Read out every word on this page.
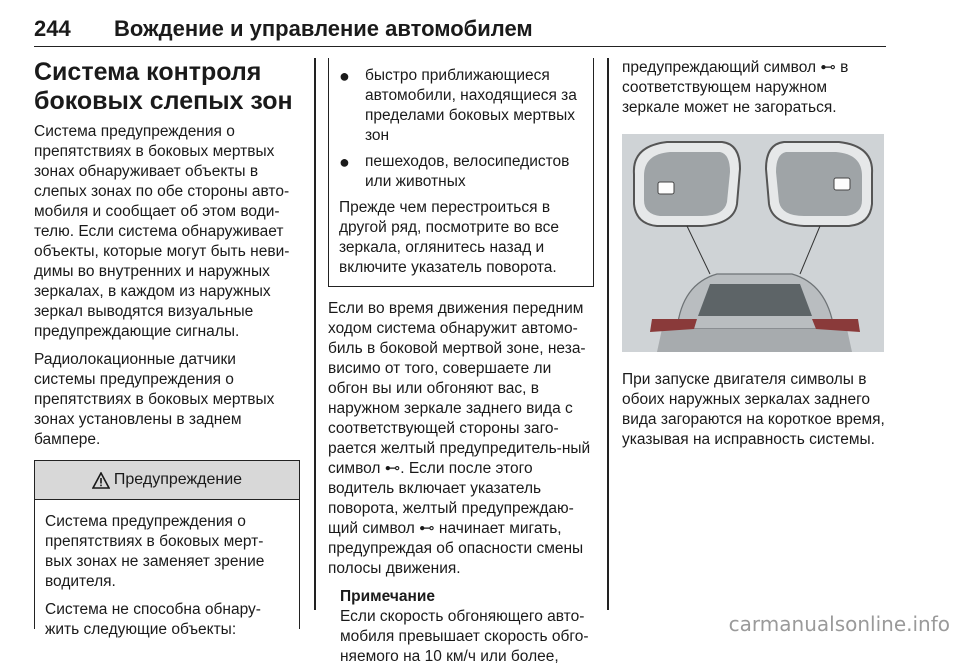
244 Вождение и управление автомобилем
Система контроля боковых слепых зон

Система предупреждения о препятствиях в боковых мертвых зонах обнаруживает объекты в слепых зонах по обе стороны авто-мобиля и сообщает об этом води-телю. Если система обнаруживает объекты, которые могут быть неви-димы во внутренних и наружных зеркалах, в каждом из наружных зеркал выводятся визуальные предупреждающие сигналы.

Радиолокационные датчики системы предупреждения о препятствиях в боковых мертвых зонах установлены в заднем бампере.

Предупреждение

Система предупреждения о препятствиях в боковых мерт-вых зонах не заменяет зрение водителя.

Система не способна обнару-жить следующие объекты:

● быстро приближающиеся автомобили, находящиеся за пределами боковых мертвых зон
● пешеходов, велосипедистов или животных

Прежде чем перестроиться в другой ряд, посмотрите во все зеркала, оглянитесь назад и включите указатель поворота.

Если во время движения передним ходом система обнаружит автомо-биль в боковой мертвой зоне, неза-висимо от того, совершаете ли обгон вы или обгоняют вас, в наружном зеркале заднего вида с соответствующей стороны заго-рается желтый предупредитель-ный символ ⊷. Если после этого водитель включает указатель поворота, желтый предупреждаю-щий символ ⊷ начинает мигать, предупреждая об опасности смены полосы движения.

Примечание
Если скорость обгоняющего авто-мобиля превышает скорость обго-няемого на 10 км/ч или более,

предупреждающий символ ⊷ в соответствующем наружном зеркале может не загораться.

При запуске двигателя символы в обоих наружных зеркалах заднего вида загораются на короткое время, указывая на исправность системы.

carmanualsonline.info
